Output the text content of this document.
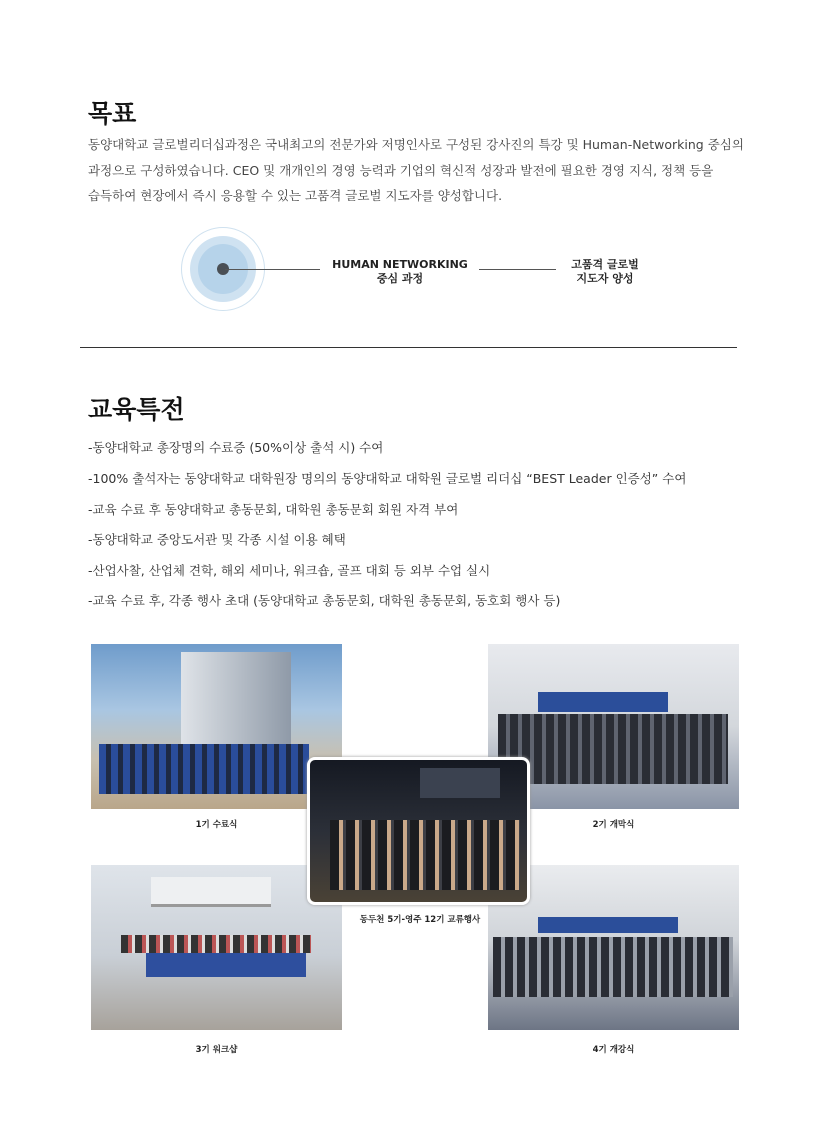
목표
동양대학교 글로벌리더십과정은 국내최고의 전문가와 저명인사로 구성된 강사진의 특강 및 Human-Networking 중심의
과정으로 구성하였습니다. CEO 및 개개인의 경영 능력과 기업의 혁신적 성장과 발전에 필요한 경영 지식, 정책 등을
습득하여 현장에서 즉시 응용할 수 있는 고품격 글로벌 지도자를 양성합니다.
HUMAN NETWORKING
중심 과정
고품격 글로벌
지도자 양성
교육특전
-동양대학교 총장명의 수료증 (50%이상 출석 시) 수여
-100% 출석자는 동양대학교 대학원장 명의의 동양대학교 대학원 글로벌 리더십 “BEST Leader 인증성” 수여
-교육 수료 후 동양대학교 총동문회, 대학원 총동문회 회원 자격 부여
-동양대학교 중앙도서관 및 각종 시설 이용 혜택
-산업사찰, 산업체 견학, 해외 세미나, 워크숍, 골프 대회 등 외부 수업 실시
-교육 수료 후, 각종 행사 초대 (동양대학교 총동문회, 대학원 총동문회, 동호회 행사 등)
1기 수료식	2기 개막식
3기 워크샵	4기 개강식
동두천 5기-영주 12기 교류행사
